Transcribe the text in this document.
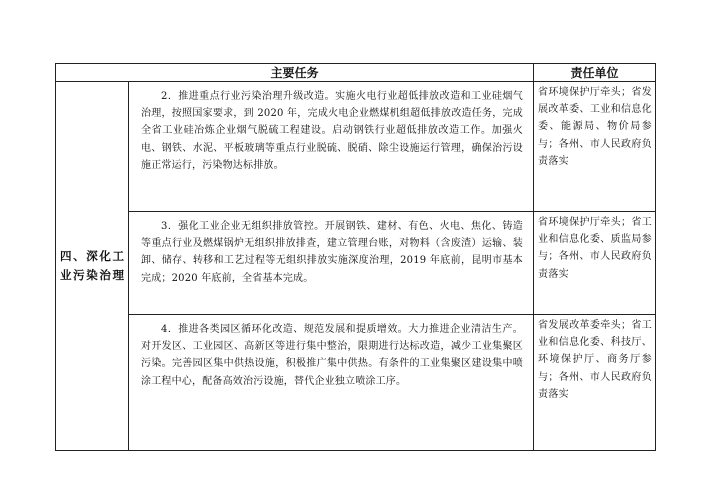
主要任务		责任单位
四、深化工业污染治理	2．推进重点行业污染治理升级改造。实施火电行业超低排放改造和工业硅烟气治理，按照国家要求，到 2020 年，完成火电企业燃煤机组超低排放改造任务，完成全省工业硅冶炼企业烟气脱硫工程建设。启动钢铁行业超低排放改造工作。加强火电、钢铁、水泥、平板玻璃等重点行业脱硫、脱硝、除尘设施运行管理，确保治污设施正常运行，污染物达标排放。	省环境保护厅牵头；省发展改革委、工业和信息化委、能源局、物价局参与；各州、市人民政府负责落实

	3．强化工业企业无组织排放管控。开展钢铁、建材、有色、火电、焦化、铸造等重点行业及燃煤锅炉无组织排放排查，建立管理台账，对物料（含废渣）运输、装卸、储存、转移和工艺过程等无组织排放实施深度治理，2019 年底前，昆明市基本完成；2020 年底前，全省基本完成。	省环境保护厅牵头；省工业和信息化委、质监局参与；各州、市人民政府负责落实

	4．推进各类园区循环化改造、规范发展和提质增效。大力推进企业清洁生产。对开发区、工业园区、高新区等进行集中整治，限期进行达标改造，减少工业集聚区污染。完善园区集中供热设施，积极推广集中供热。有条件的工业集聚区建设集中喷涂工程中心，配备高效治污设施，替代企业独立喷涂工序。	省发展改革委牵头；省工业和信息化委、科技厅、环境保护厅、商务厅参与；各州、市人民政府负责落实
